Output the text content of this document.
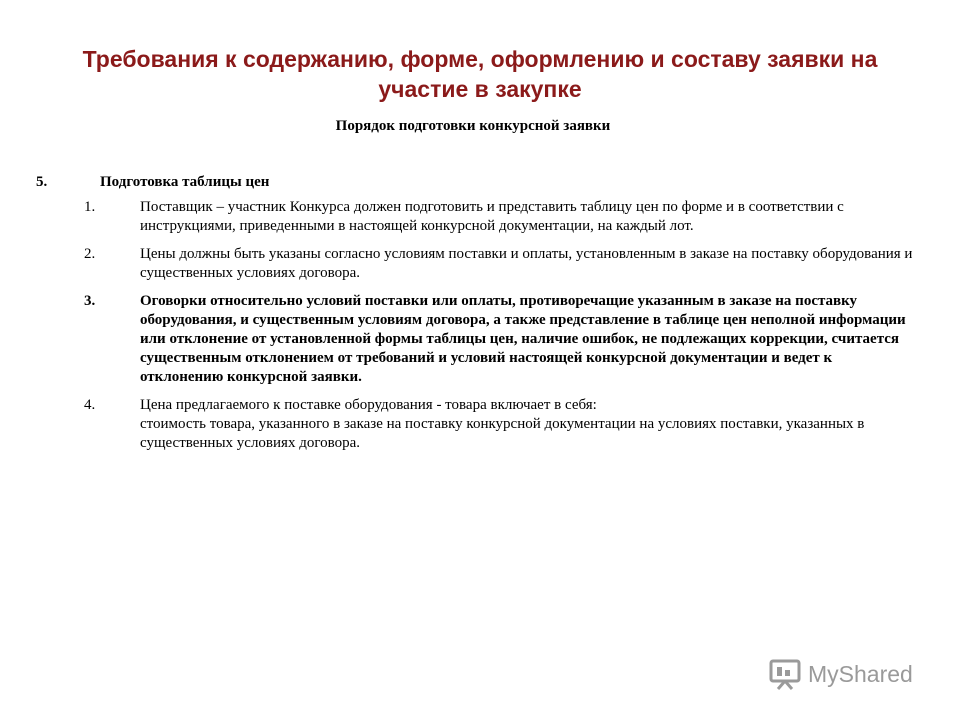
Требования к содержанию, форме, оформлению и составу заявки на участие в закупке
Порядок подготовки конкурсной заявки
5.	Подготовка таблицы цен
1.	Поставщик – участник Конкурса должен подготовить и представить таблицу цен по форме и в соответствии с инструкциями, приведенными в настоящей конкурсной документации, на каждый лот.
2.	Цены должны быть указаны согласно условиям поставки и оплаты, установленным в заказе на поставку оборудования и существенных условиях договора.
3.	Оговорки относительно условий поставки или оплаты, противоречащие указанным в заказе на поставку оборудования, и существенным условиям договора, а также представление в таблице цен неполной информации или отклонение от установленной формы таблицы цен, наличие ошибок, не подлежащих коррекции, считается существенным отклонением от требований и условий настоящей конкурсной документации и ведет к отклонению конкурсной заявки.
4.	Цена предлагаемого к поставке оборудования - товара включает в себя:
стоимость товара, указанного в заказе на поставку конкурсной документации на условиях поставки, указанных в существенных условиях договора.
MyShared
